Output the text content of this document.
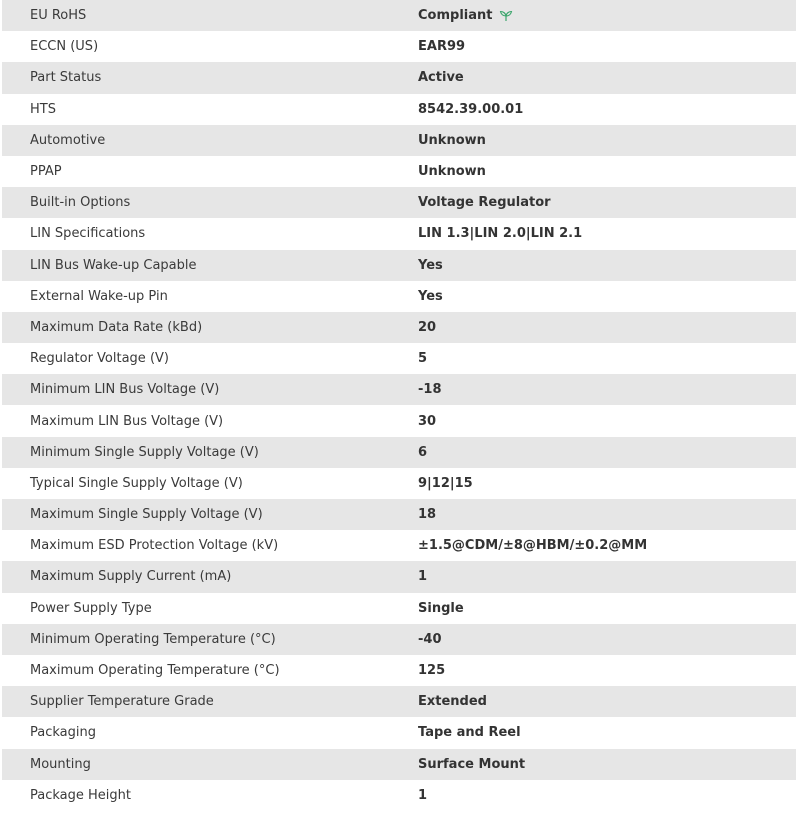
EU RoHS	Compliant
ECCN (US)	EAR99
Part Status	Active
HTS	8542.39.00.01
Automotive	Unknown
PPAP	Unknown
Built-in Options	Voltage Regulator
LIN Specifications	LIN 1.3|LIN 2.0|LIN 2.1
LIN Bus Wake-up Capable	Yes
External Wake-up Pin	Yes
Maximum Data Rate (kBd)	20
Regulator Voltage (V)	5
Minimum LIN Bus Voltage (V)	-18
Maximum LIN Bus Voltage (V)	30
Minimum Single Supply Voltage (V)	6
Typical Single Supply Voltage (V)	9|12|15
Maximum Single Supply Voltage (V)	18
Maximum ESD Protection Voltage (kV)	±1.5@CDM/±8@HBM/±0.2@MM
Maximum Supply Current (mA)	1
Power Supply Type	Single
Minimum Operating Temperature (°C)	-40
Maximum Operating Temperature (°C)	125
Supplier Temperature Grade	Extended
Packaging	Tape and Reel
Mounting	Surface Mount
Package Height	1
